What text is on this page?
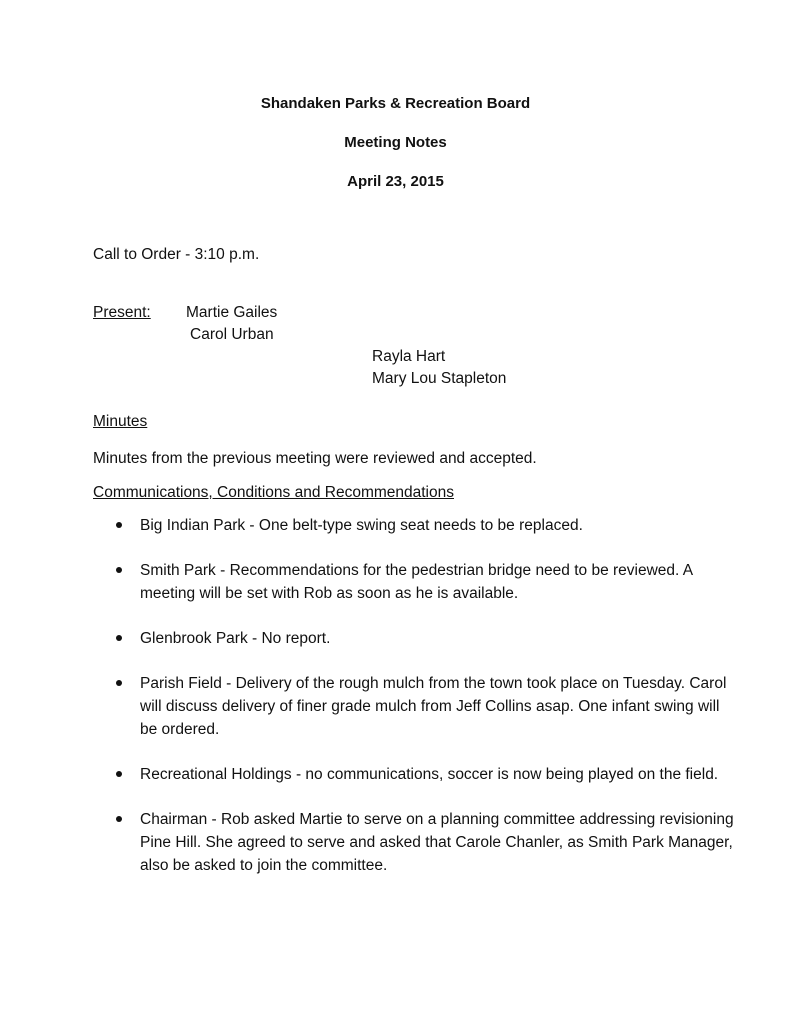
Shandaken Parks & Recreation Board
Meeting Notes
April 23, 2015
Call to Order - 3:10 p.m.
Present: Martie Gailes
Carol Urban
Rayla Hart
Mary Lou Stapleton
Minutes
Minutes from the previous meeting were reviewed and accepted.
Communications, Conditions and Recommendations
Big Indian Park - One belt-type swing seat needs to be replaced.
Smith Park - Recommendations for the pedestrian bridge need to be reviewed. A meeting will be set with Rob as soon as he is available.
Glenbrook Park - No report.
Parish Field - Delivery of the rough mulch from the town took place on Tuesday. Carol will discuss delivery of finer grade mulch from Jeff Collins asap. One infant swing will be ordered.
Recreational Holdings - no communications, soccer is now being played on the field.
Chairman - Rob asked Martie to serve on a planning committee addressing revisioning Pine Hill. She agreed to serve and asked that Carole Chanler, as Smith Park Manager, also be asked to join the committee.
